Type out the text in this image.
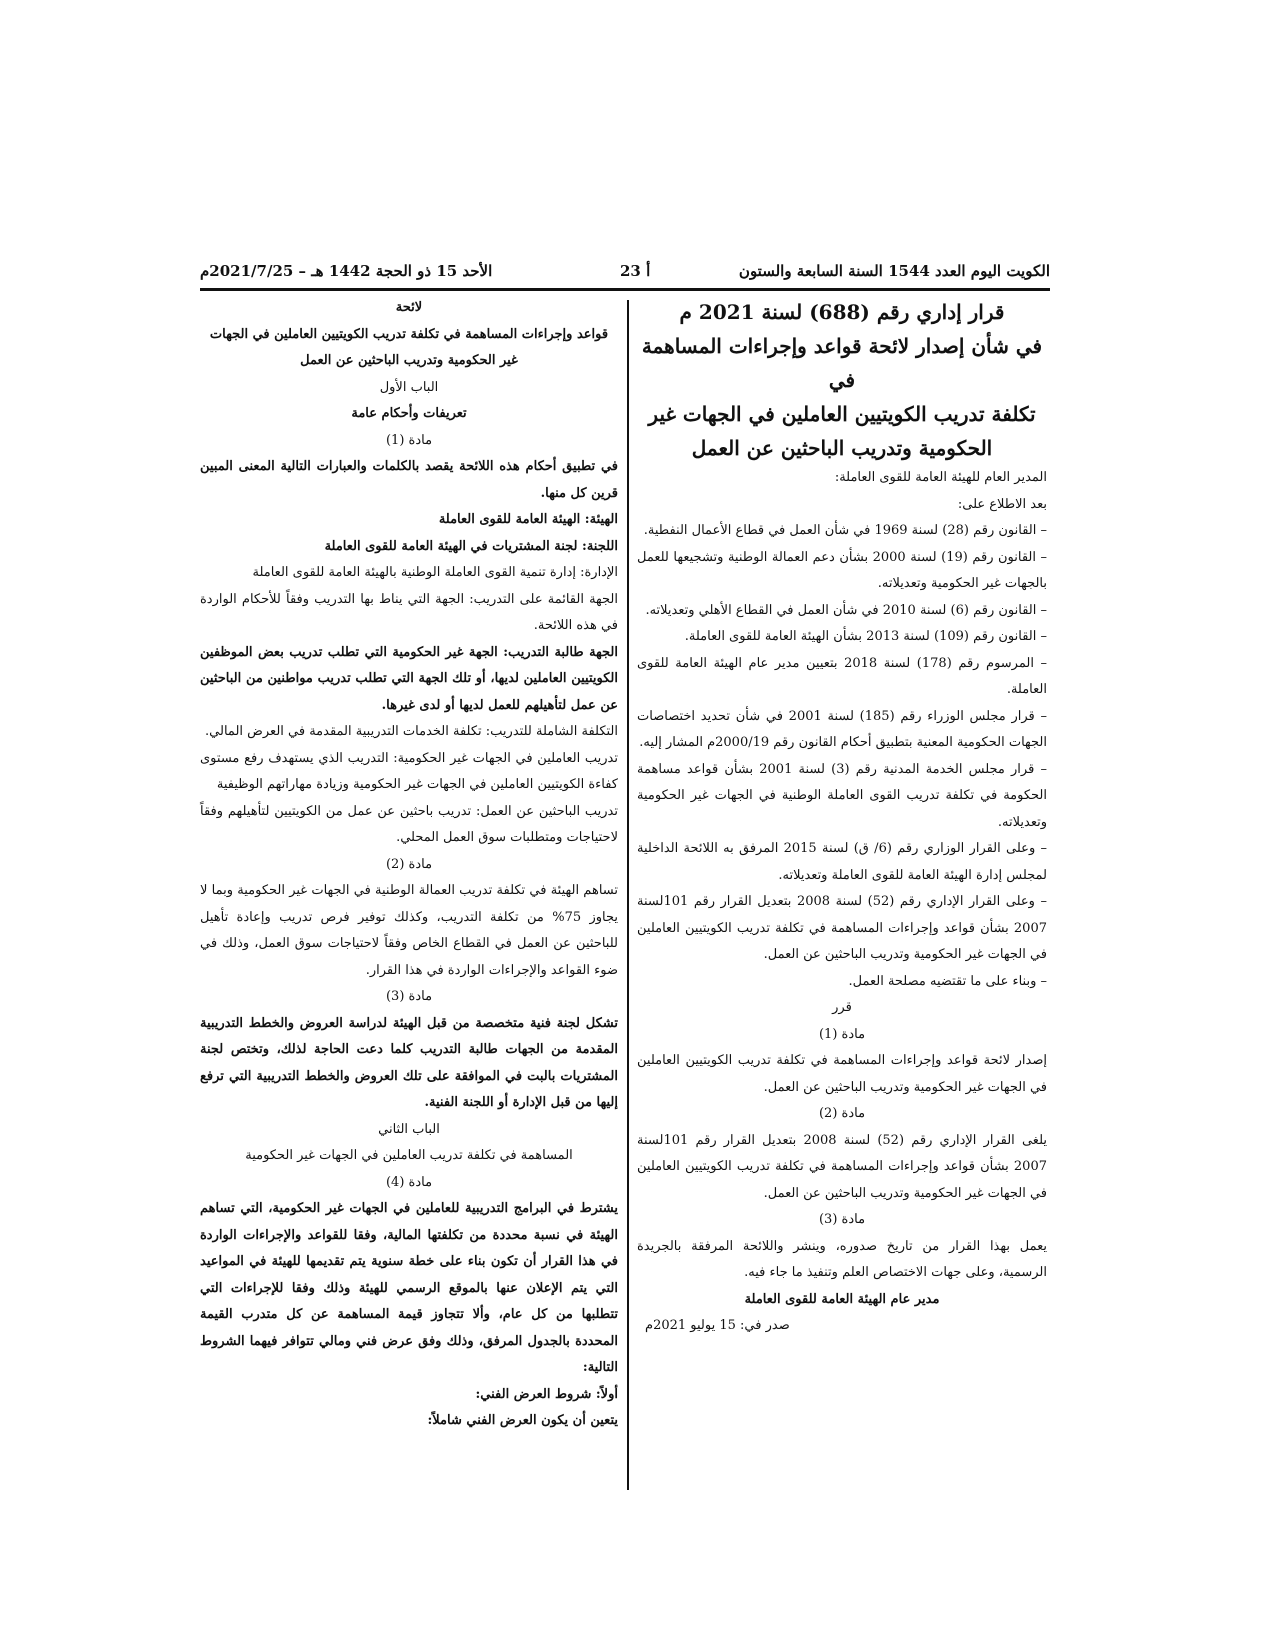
الكويت اليوم العدد 1544 السنة السابعة والستون
أ 23
الأحد 15 ذو الحجة 1442 هـ – 2021/7/25م

قرار إداري رقم (688) لسنة 2021 م

في شأن إصدار لائحة قواعد وإجراءات المساهمة في

تكلفة تدريب الكويتيين العاملين في الجهات غير

الحكومية وتدريب الباحثين عن العمل

المدير العام للهيئة العامة للقوى العاملة:

بعد الاطلاع على:

– القانون رقم (28) لسنة 1969 في شأن العمل في قطاع الأعمال النفطية.

– القانون رقم (19) لسنة 2000 بشأن دعم العمالة الوطنية وتشجيعها للعمل بالجهات غير الحكومية وتعديلاته.

– القانون رقم (6) لسنة 2010 في شأن العمل في القطاع الأهلي وتعديلاته.

– القانون رقم (109) لسنة 2013 بشأن الهيئة العامة للقوى العاملة.

– المرسوم رقم (178) لسنة 2018 بتعيين مدير عام الهيئة العامة للقوى العاملة.

– قرار مجلس الوزراء رقم (185) لسنة 2001 في شأن تحديد اختصاصات الجهات الحكومية المعنية بتطبيق أحكام القانون رقم 2000/19م المشار إليه.

– قرار مجلس الخدمة المدنية رقم (3) لسنة 2001 بشأن قواعد مساهمة الحكومة في تكلفة تدريب القوى العاملة الوطنية في الجهات غير الحكومية وتعديلاته.

– وعلى القرار الوزاري رقم (6/ ق) لسنة 2015 المرفق به اللائحة الداخلية لمجلس إدارة الهيئة العامة للقوى العاملة وتعديلاته.

– وعلى القرار الإداري رقم (52) لسنة 2008 بتعديل القرار رقم 101لسنة 2007 بشأن قواعد وإجراءات المساهمة في تكلفة تدريب الكويتيين العاملين في الجهات غير الحكومية وتدريب الباحثين عن العمل.

– وبناء على ما تقتضيه مصلحة العمل.

قرر

مادة (1)

إصدار لائحة قواعد وإجراءات المساهمة في تكلفة تدريب الكويتيين العاملين في الجهات غير الحكومية وتدريب الباحثين عن العمل.

مادة (2)

يلغى القرار الإداري رقم (52) لسنة 2008 بتعديل القرار رقم 101لسنة 2007 بشأن قواعد وإجراءات المساهمة في تكلفة تدريب الكويتيين العاملين في الجهات غير الحكومية وتدريب الباحثين عن العمل.

مادة (3)

يعمل بهذا القرار من تاريخ صدوره، وينشر واللائحة المرفقة بالجريدة الرسمية، وعلى جهات الاختصاص العلم وتنفيذ ما جاء فيه.

مدير عام الهيئة العامة للقوى العاملة

صدر في: 15 يوليو 2021م

لائحة

قواعد وإجراءات المساهمة في تكلفة تدريب الكويتيين العاملين في الجهات غير الحكومية وتدريب الباحثين عن العمل

الباب الأول

تعريفات وأحكام عامة

مادة (1)

في تطبيق أحكام هذه اللائحة يقصد بالكلمات والعبارات التالية المعنى المبين قرين كل منها.

الهيئة: الهيئة العامة للقوى العاملة

اللجنة: لجنة المشتريات في الهيئة العامة للقوى العاملة

الإدارة: إدارة تنمية القوى العاملة الوطنية بالهيئة العامة للقوى العاملة

الجهة القائمة على التدريب: الجهة التي يناط بها التدريب وفقاً للأحكام الواردة في هذه اللائحة.

الجهة طالبة التدريب: الجهة غير الحكومية التي تطلب تدريب بعض الموظفين الكويتيين العاملين لديها، أو تلك الجهة التي تطلب تدريب مواطنين من الباحثين عن عمل لتأهيلهم للعمل لديها أو لدى غيرها.

التكلفة الشاملة للتدريب: تكلفة الخدمات التدريبية المقدمة في العرض المالي.

تدريب العاملين في الجهات غير الحكومية: التدريب الذي يستهدف رفع مستوى كفاءة الكويتيين العاملين في الجهات غير الحكومية وزيادة مهاراتهم الوظيفية

تدريب الباحثين عن العمل: تدريب باحثين عن عمل من الكويتيين لتأهيلهم وفقاً لاحتياجات ومتطلبات سوق العمل المحلي.

مادة (2)

تساهم الهيئة في تكلفة تدريب العمالة الوطنية في الجهات غير الحكومية وبما لا يجاوز 75% من تكلفة التدريب، وكذلك توفير فرص تدريب وإعادة تأهيل للباحثين عن العمل في القطاع الخاص وفقاً لاحتياجات سوق العمل، وذلك في ضوء القواعد والإجراءات الواردة في هذا القرار.

مادة (3)

تشكل لجنة فنية متخصصة من قبل الهيئة لدراسة العروض والخطط التدريبية المقدمة من الجهات طالبة التدريب كلما دعت الحاجة لذلك، وتختص لجنة المشتريات بالبت في الموافقة على تلك العروض والخطط التدريبية التي ترفع إليها من قبل الإدارة أو اللجنة الفنية.

الباب الثاني

المساهمة في تكلفة تدريب العاملين في الجهات غير الحكومية

مادة (4)

يشترط في البرامج التدريبية للعاملين في الجهات غير الحكومية، التي تساهم الهيئة في نسبة محددة من تكلفتها المالية، وفقا للقواعد والإجراءات الواردة في هذا القرار أن تكون بناء على خطة سنوية يتم تقديمها للهيئة في المواعيد التي يتم الإعلان عنها بالموقع الرسمي للهيئة وذلك وفقا للإجراءات التي تتطلبها من كل عام، وألا تتجاوز قيمة المساهمة عن كل متدرب القيمة المحددة بالجدول المرفق، وذلك وفق عرض فني ومالي تتوافر فيهما الشروط التالية:

أولاً: شروط العرض الفني:

يتعين أن يكون العرض الفني شاملاً:
